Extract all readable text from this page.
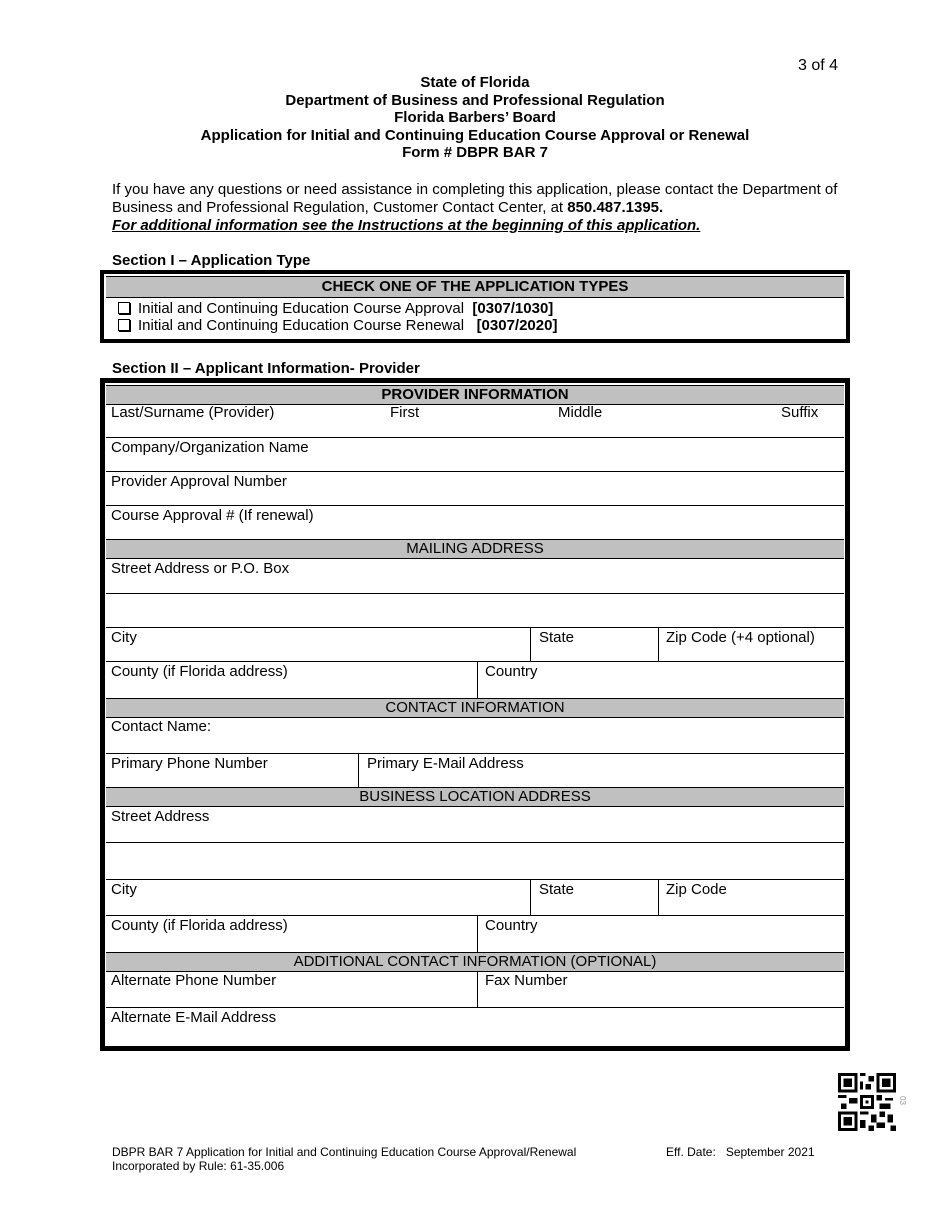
3 of 4
State of Florida
Department of Business and Professional Regulation
Florida Barbers’ Board
Application for Initial and Continuing Education Course Approval or Renewal
Form # DBPR BAR 7
If you have any questions or need assistance in completing this application, please contact the Department of Business and Professional Regulation, Customer Contact Center, at 850.487.1395.
For additional information see the Instructions at the beginning of this application.
Section I – Application Type
CHECK ONE OF THE APPLICATION TYPES
Initial and Continuing Education Course Approval [0307/1030]
Initial and Continuing Education Course Renewal [0307/2020]
Section II – Applicant Information- Provider
PROVIDER INFORMATION
Last/Surname (Provider)	First	Middle	Suffix
Company/Organization Name
Provider Approval Number
Course Approval # (If renewal)
MAILING ADDRESS
Street Address or P.O. Box
City	State	Zip Code (+4 optional)
County (if Florida address)	Country
CONTACT INFORMATION
Contact Name:
Primary Phone Number	Primary E-Mail Address
BUSINESS LOCATION ADDRESS
Street Address
City	State	Zip Code
County (if Florida address)	Country
ADDITIONAL CONTACT INFORMATION (OPTIONAL)
Alternate Phone Number	Fax Number
Alternate E-Mail Address
03
DBPR BAR 7 Application for Initial and Continuing Education Course Approval/Renewal
Incorporated by Rule: 61-35.006
Eff. Date: September 2021
